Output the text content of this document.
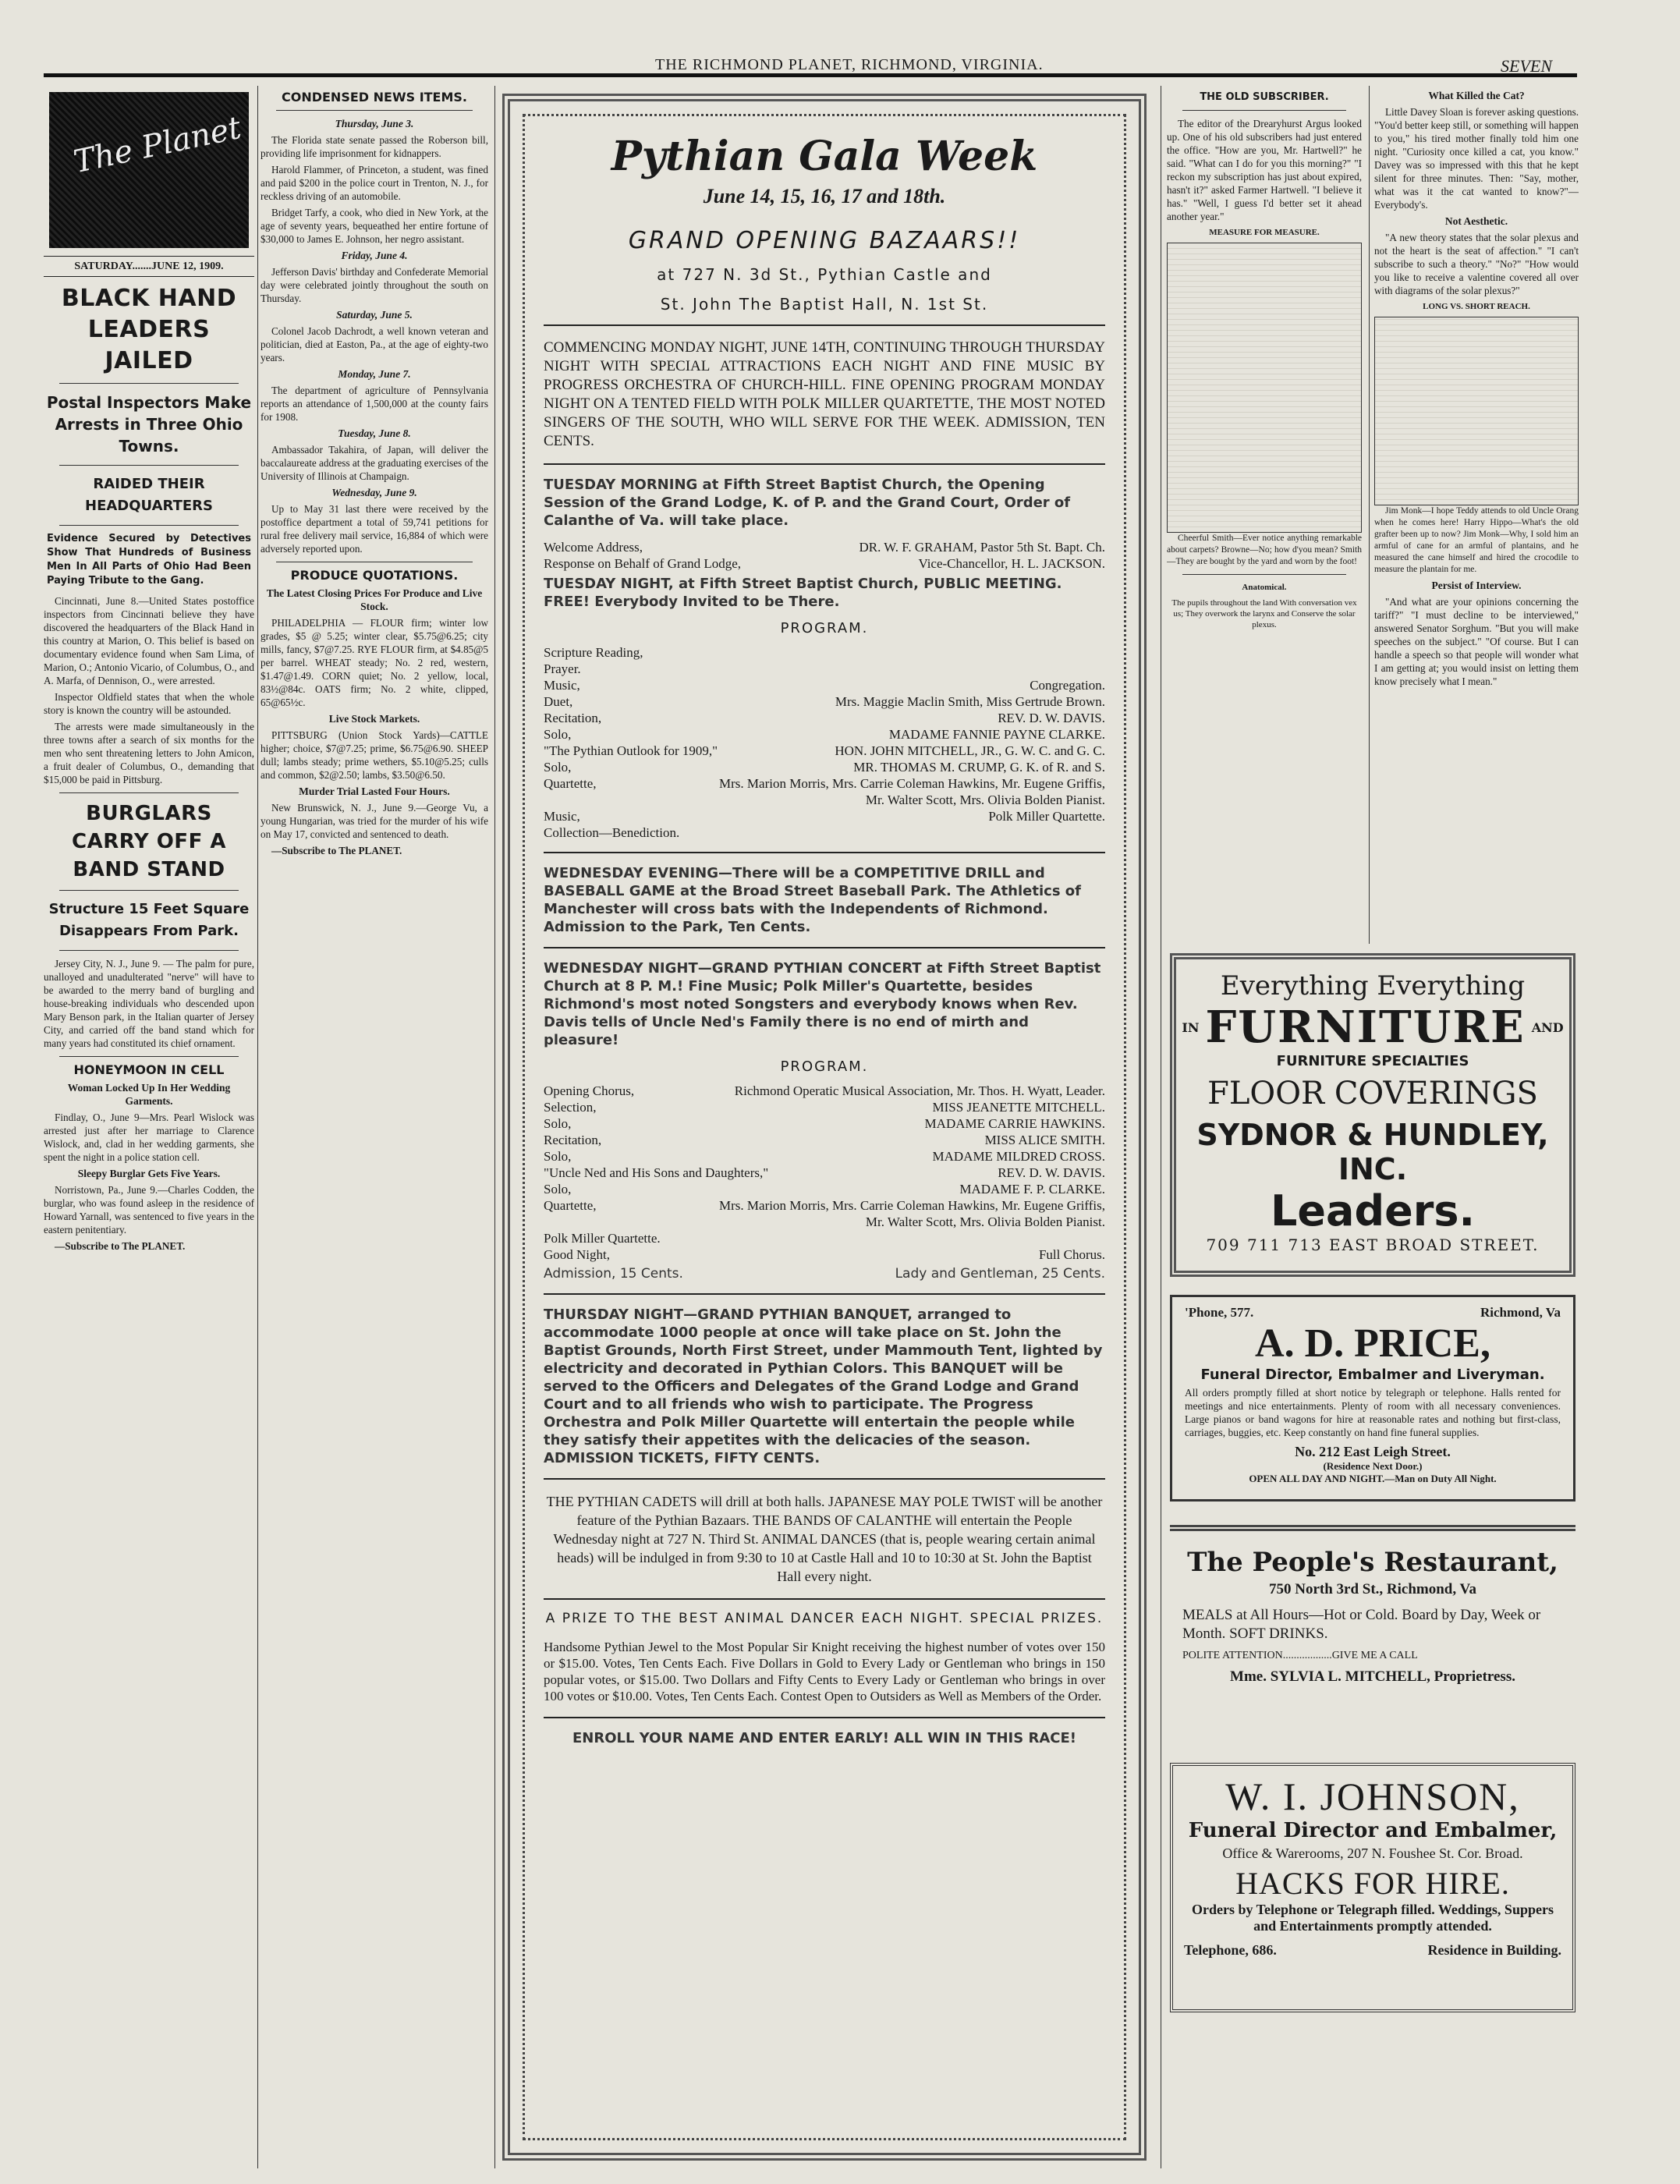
THE RICHMOND PLANET, RICHMOND, VIRGINIA.	SEVEN
The Planet
SATURDAY.......JUNE 12, 1909.
BLACK HAND LEADERS JAILED
Postal Inspectors Make Arrests in Three Ohio Towns.
RAIDED THEIR HEADQUARTERS
Evidence Secured by Detectives Show That Hundreds of Business Men In All Parts of Ohio Had Been Paying Tribute to the Gang.

Cincinnati, June 8.—United States postoffice inspectors from Cincinnati believe they have discovered the headquarters of the Black Hand in this country at Marion, O. This belief is based on documentary evidence found when Sam Lima, of Marion, O.; Antonio Vicario, of Columbus, O., and A. Marfa, of Dennison, O., were arrested.

Inspector Oldfield states that when the whole story is known the country will be astounded.

The arrests were made simultaneously in the three towns after a search of six months for the men who sent threatening letters to John Amicon, a fruit dealer of Columbus, O., demanding that $15,000 be paid in Pittsburg.

BURGLARS CARRY OFF A BAND STAND
Structure 15 Feet Square Disappears From Park.

Jersey City, N. J., June 9. — The palm for pure, unalloyed and unadulterated "nerve" will have to be awarded to the merry band of burgling and house-breaking individuals who descended upon Mary Benson park, in the Italian quarter of Jersey City, and carried off the band stand which for many years had constituted its chief ornament.

HONEYMOON IN CELL
Woman Locked Up In Her Wedding Garments.

Findlay, O., June 9—Mrs. Pearl Wislock was arrested just after her marriage to Clarence Wislock, and, clad in her wedding garments, she spent the night in a police station cell.

Sleepy Burglar Gets Five Years.

Norristown, Pa., June 9.—Charles Codden, the burglar, who was found asleep in the residence of Howard Yarnall, was sentenced to five years in the eastern penitentiary.

—Subscribe to The PLANET.

CONDENSED NEWS ITEMS.
Thursday, June 3.

The Florida state senate passed the Roberson bill, providing life imprisonment for kidnappers.

Harold Flammer, of Princeton, a student, was fined and paid $200 in the police court in Trenton, N. J., for reckless driving of an automobile.

Bridget Tarfy, a cook, who died in New York, at the age of seventy years, bequeathed her entire fortune of $30,000 to James E. Johnson, her negro assistant.

Friday, June 4.

Jefferson Davis' birthday and Confederate Memorial day were celebrated jointly throughout the south on Thursday.

Saturday, June 5.

Colonel Jacob Dachrodt, a well known veteran and politician, died at Easton, Pa., at the age of eighty-two years.

Monday, June 7.

The department of agriculture of Pennsylvania reports an attendance of 1,500,000 at the county fairs for 1908.

Tuesday, June 8.

Ambassador Takahira, of Japan, will deliver the baccalaureate address at the graduating exercises of the University of Illinois at Champaign.

Wednesday, June 9.

Up to May 31 last there were received by the postoffice department a total of 59,741 petitions for rural free delivery mail service, 16,884 of which were adversely reported upon.

PRODUCE QUOTATIONS.
The Latest Closing Prices For Produce and Live Stock.

PHILADELPHIA — FLOUR firm; winter low grades, $5 @ 5.25; winter clear, $5.75@6.25; city mills, fancy, $7@7.25. RYE FLOUR firm, at $4.85@5 per barrel. WHEAT steady; No. 2 red, western, $1.47@1.49. CORN quiet; No. 2 yellow, local, 83½@84c. OATS firm; No. 2 white, clipped, 65@65½c.

Live Stock Markets.

PITTSBURG (Union Stock Yards)—CATTLE higher; choice, $7@7.25; prime, $6.75@6.90. SHEEP dull; lambs steady; prime wethers, $5.10@5.25; culls and common, $2@2.50; lambs, $3.50@6.50.

Murder Trial Lasted Four Hours.

New Brunswick, N. J., June 9.—George Vu, a young Hungarian, was tried for the murder of his wife on May 17, convicted and sentenced to death.

—Subscribe to The PLANET.

Pythian Gala Week
June 14, 15, 16, 17 and 18th.
GRAND OPENING BAZAARS!!
at 727 N. 3d St., Pythian Castle and
St. John The Baptist Hall, N. 1st St.
COMMENCING MONDAY NIGHT, JUNE 14TH, CONTINUING THROUGH THURSDAY NIGHT WITH SPECIAL ATTRACTIONS EACH NIGHT AND FINE MUSIC BY PROGRESS ORCHESTRA OF CHURCH-HILL. FINE OPENING PROGRAM MONDAY NIGHT ON A TENTED FIELD WITH POLK MILLER QUARTETTE, THE MOST NOTED SINGERS OF THE SOUTH, WHO WILL SERVE FOR THE WEEK. ADMISSION, TEN CENTS.
TUESDAY MORNING at Fifth Street Baptist Church, the Opening Session of the Grand Lodge, K. of P. and the Grand Court, Order of Calanthe of Va. will take place.
Welcome Address,	DR. W. F. GRAHAM, Pastor 5th St. Bapt. Ch.
Response on Behalf of Grand Lodge,	Vice-Chancellor, H. L. JACKSON.
TUESDAY NIGHT, at Fifth Street Baptist Church, PUBLIC MEETING. FREE! Everybody Invited to be There.
PROGRAM.
Scripture Reading,
Prayer.
Music,	Congregation.
Duet,	Mrs. Maggie Maclin Smith, Miss Gertrude Brown.
Recitation,	REV. D. W. DAVIS.
Solo,	MADAME FANNIE PAYNE CLARKE.
"The Pythian Outlook for 1909,"	HON. JOHN MITCHELL, JR., G. W. C. and G. C.
Solo,	MR. THOMAS M. CRUMP, G. K. of R. and S.
Quartette,	Mrs. Marion Morris, Mrs. Carrie Coleman Hawkins, Mr. Eugene Griffis, Mr. Walter Scott, Mrs. Olivia Bolden Pianist.
Music,	Polk Miller Quartette.
Collection—Benediction.
WEDNESDAY EVENING—There will be a COMPETITIVE DRILL and BASEBALL GAME at the Broad Street Baseball Park. The Athletics of Manchester will cross bats with the Independents of Richmond. Admission to the Park, Ten Cents.
WEDNESDAY NIGHT—GRAND PYTHIAN CONCERT at Fifth Street Baptist Church at 8 P. M.! Fine Music; Polk Miller's Quartette, besides Richmond's most noted Songsters and everybody knows when Rev. Davis tells of Uncle Ned's Family there is no end of mirth and pleasure!
PROGRAM.
Opening Chorus,	Richmond Operatic Musical Association, Mr. Thos. H. Wyatt, Leader.
Selection,	MISS JEANETTE MITCHELL.
Solo,	MADAME CARRIE HAWKINS.
Recitation,	MISS ALICE SMITH.
Solo,	MADAME MILDRED CROSS.
"Uncle Ned and His Sons and Daughters,"	REV. D. W. DAVIS.
Solo,	MADAME F. P. CLARKE.
Quartette,	Mrs. Marion Morris, Mrs. Carrie Coleman Hawkins, Mr. Eugene Griffis, Mr. Walter Scott, Mrs. Olivia Bolden Pianist.
Polk Miller Quartette.
Good Night,	Full Chorus.
Admission, 15 Cents.	Lady and Gentleman, 25 Cents.
THURSDAY NIGHT—GRAND PYTHIAN BANQUET, arranged to accommodate 1000 people at once will take place on St. John the Baptist Grounds, North First Street, under Mammouth Tent, lighted by electricity and decorated in Pythian Colors. This BANQUET will be served to the Officers and Delegates of the Grand Lodge and Grand Court and to all friends who wish to participate. The Progress Orchestra and Polk Miller Quartette will entertain the people while they satisfy their appetites with the delicacies of the season. ADMISSION TICKETS, FIFTY CENTS.
THE PYTHIAN CADETS will drill at both halls. JAPANESE MAY POLE TWIST will be another feature of the Pythian Bazaars. THE BANDS OF CALANTHE will entertain the People Wednesday night at 727 N. Third St. ANIMAL DANCES (that is, people wearing certain animal heads) will be indulged in from 9:30 to 10 at Castle Hall and 10 to 10:30 at St. John the Baptist Hall every night.
A PRIZE TO THE BEST ANIMAL DANCER EACH NIGHT. SPECIAL PRIZES.
Handsome Pythian Jewel to the Most Popular Sir Knight receiving the highest number of votes over 150 or $15.00. Votes, Ten Cents Each. Five Dollars in Gold to Every Lady or Gentleman who brings in 150 popular votes, or $15.00. Two Dollars and Fifty Cents to Every Lady or Gentleman who brings in over 100 votes or $10.00. Votes, Ten Cents Each. Contest Open to Outsiders as Well as Members of the Order.
ENROLL YOUR NAME AND ENTER EARLY! ALL WIN IN THIS RACE!
THE OLD SUBSCRIBER.

The editor of the Drearyhurst Argus looked up. One of his old subscribers had just entered the office. "How are you, Mr. Hartwell?" he said. "What can I do for you this morning?" "I reckon my subscription has just about expired, hasn't it?" asked Farmer Hartwell. "I believe it has." "Well, I guess I'd better set it ahead another year."

MEASURE FOR MEASURE.

Cheerful Smith—Ever notice anything remarkable about carpets? Browne—No; how d'you mean? Smith—They are bought by the yard and worn by the foot!

Anatomical.

The pupils throughout the land With conversation vex us; They overwork the larynx and Conserve the solar plexus.

What Killed the Cat?

Little Davey Sloan is forever asking questions. "You'd better keep still, or something will happen to you," his tired mother finally told him one night. "Curiosity once killed a cat, you know." Davey was so impressed with this that he kept silent for three minutes. Then: "Say, mother, what was it the cat wanted to know?"—Everybody's.

Not Aesthetic.

"A new theory states that the solar plexus and not the heart is the seat of affection." "I can't subscribe to such a theory." "No?" "How would you like to receive a valentine covered all over with diagrams of the solar plexus?"

LONG VS. SHORT REACH.

Jim Monk—I hope Teddy attends to old Uncle Orang when he comes here! Harry Hippo—What's the old grafter been up to now? Jim Monk—Why, I sold him an armful of cane for an armful of plantains, and he measured the cane himself and hired the crocodile to measure the plantain for me.

Persist of Interview.

"And what are your opinions concerning the tariff?" "I must decline to be interviewed," answered Senator Sorghum. "But you will make speeches on the subject." "Of course. But I can handle a speech so that people will wonder what I am getting at; you would insist on letting them know precisely what I mean."

Everything Everything
IN FURNITURE AND
FURNITURE SPECIALTIES
FLOOR COVERINGS
SYDNOR & HUNDLEY, INC.
Leaders.
709 711 713 EAST BROAD STREET.
'Phone, 577.	Richmond, Va
A. D. PRICE,
Funeral Director, Embalmer and Liveryman.
All orders promptly filled at short notice by telegraph or telephone. Halls rented for meetings and nice entertainments. Plenty of room with all necessary conveniences. Large pianos or band wagons for hire at reasonable rates and nothing but first-class, carriages, buggies, etc. Keep constantly on hand fine funeral supplies.
No. 212 East Leigh Street.
(Residence Next Door.)
OPEN ALL DAY AND NIGHT.—Man on Duty All Night.
The People's Restaurant,
750 North 3rd St., Richmond, Va
MEALS at All Hours—Hot or Cold. Board by Day, Week or Month. SOFT DRINKS.
POLITE ATTENTION..................GIVE ME A CALL
Mme. SYLVIA L. MITCHELL, Proprietress.
W. I. JOHNSON,
Funeral Director and Embalmer,
Office & Warerooms, 207 N. Foushee St. Cor. Broad.
HACKS FOR HIRE.
Orders by Telephone or Telegraph filled. Weddings, Suppers and Entertainments promptly attended.
Telephone, 686.	Residence in Building.
